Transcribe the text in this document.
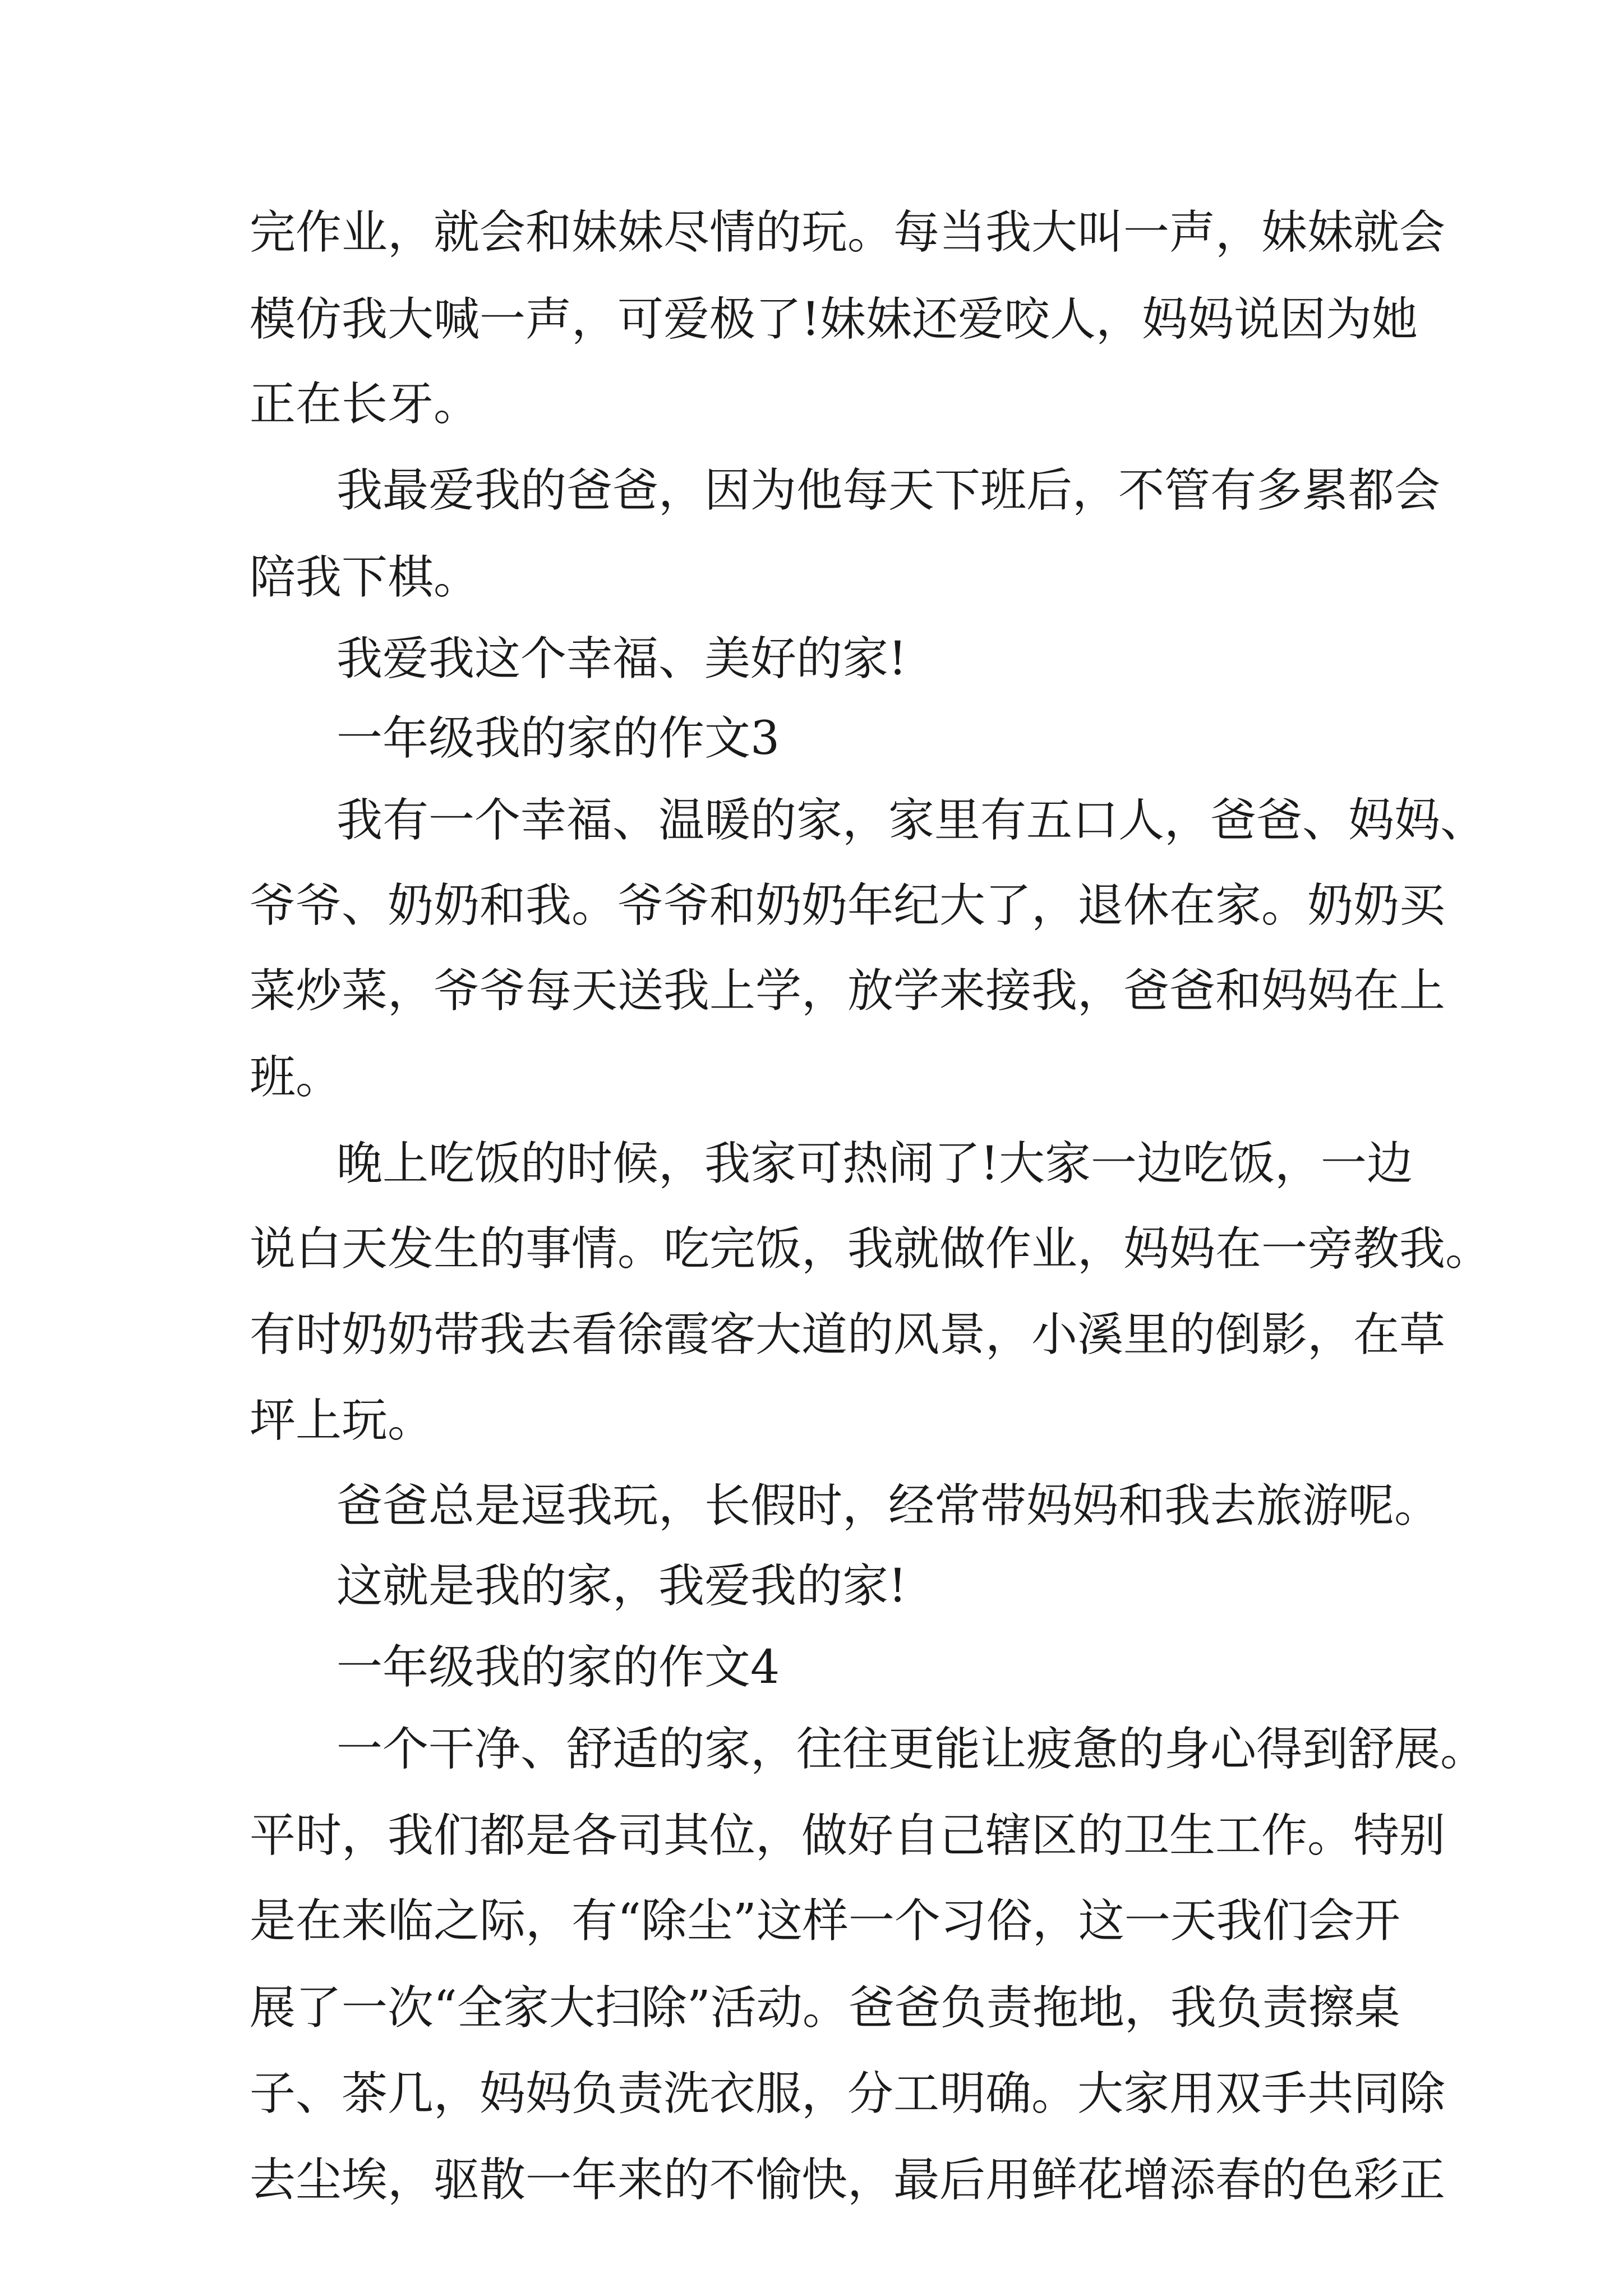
完作业，就会和妹妹尽情的玩。每当我大叫一声，妹妹就会
模仿我大喊一声，可爱极了!妹妹还爱咬人，妈妈说因为她
正在长牙。
我最爱我的爸爸，因为他每天下班后，不管有多累都会
陪我下棋。
我爱我这个幸福、美好的家!
一年级我的家的作文3
我有一个幸福、温暖的家，家里有五口人，爸爸、妈妈、
爷爷、奶奶和我。爷爷和奶奶年纪大了，退休在家。奶奶买
菜炒菜，爷爷每天送我上学，放学来接我，爸爸和妈妈在上
班。
晚上吃饭的时候，我家可热闹了!大家一边吃饭，一边
说白天发生的事情。吃完饭，我就做作业，妈妈在一旁教我。
有时奶奶带我去看徐霞客大道的风景，小溪里的倒影，在草
坪上玩。
爸爸总是逗我玩，长假时，经常带妈妈和我去旅游呢。
这就是我的家，我爱我的家!
一年级我的家的作文4
一个干净、舒适的家，往往更能让疲惫的身心得到舒展。
平时，我们都是各司其位，做好自己辖区的卫生工作。特别
是在来临之际，有“除尘”这样一个习俗，这一天我们会开
展了一次“全家大扫除”活动。爸爸负责拖地，我负责擦桌
子、茶几，妈妈负责洗衣服，分工明确。大家用双手共同除
去尘埃，驱散一年来的不愉快，最后用鲜花增添春的色彩正
